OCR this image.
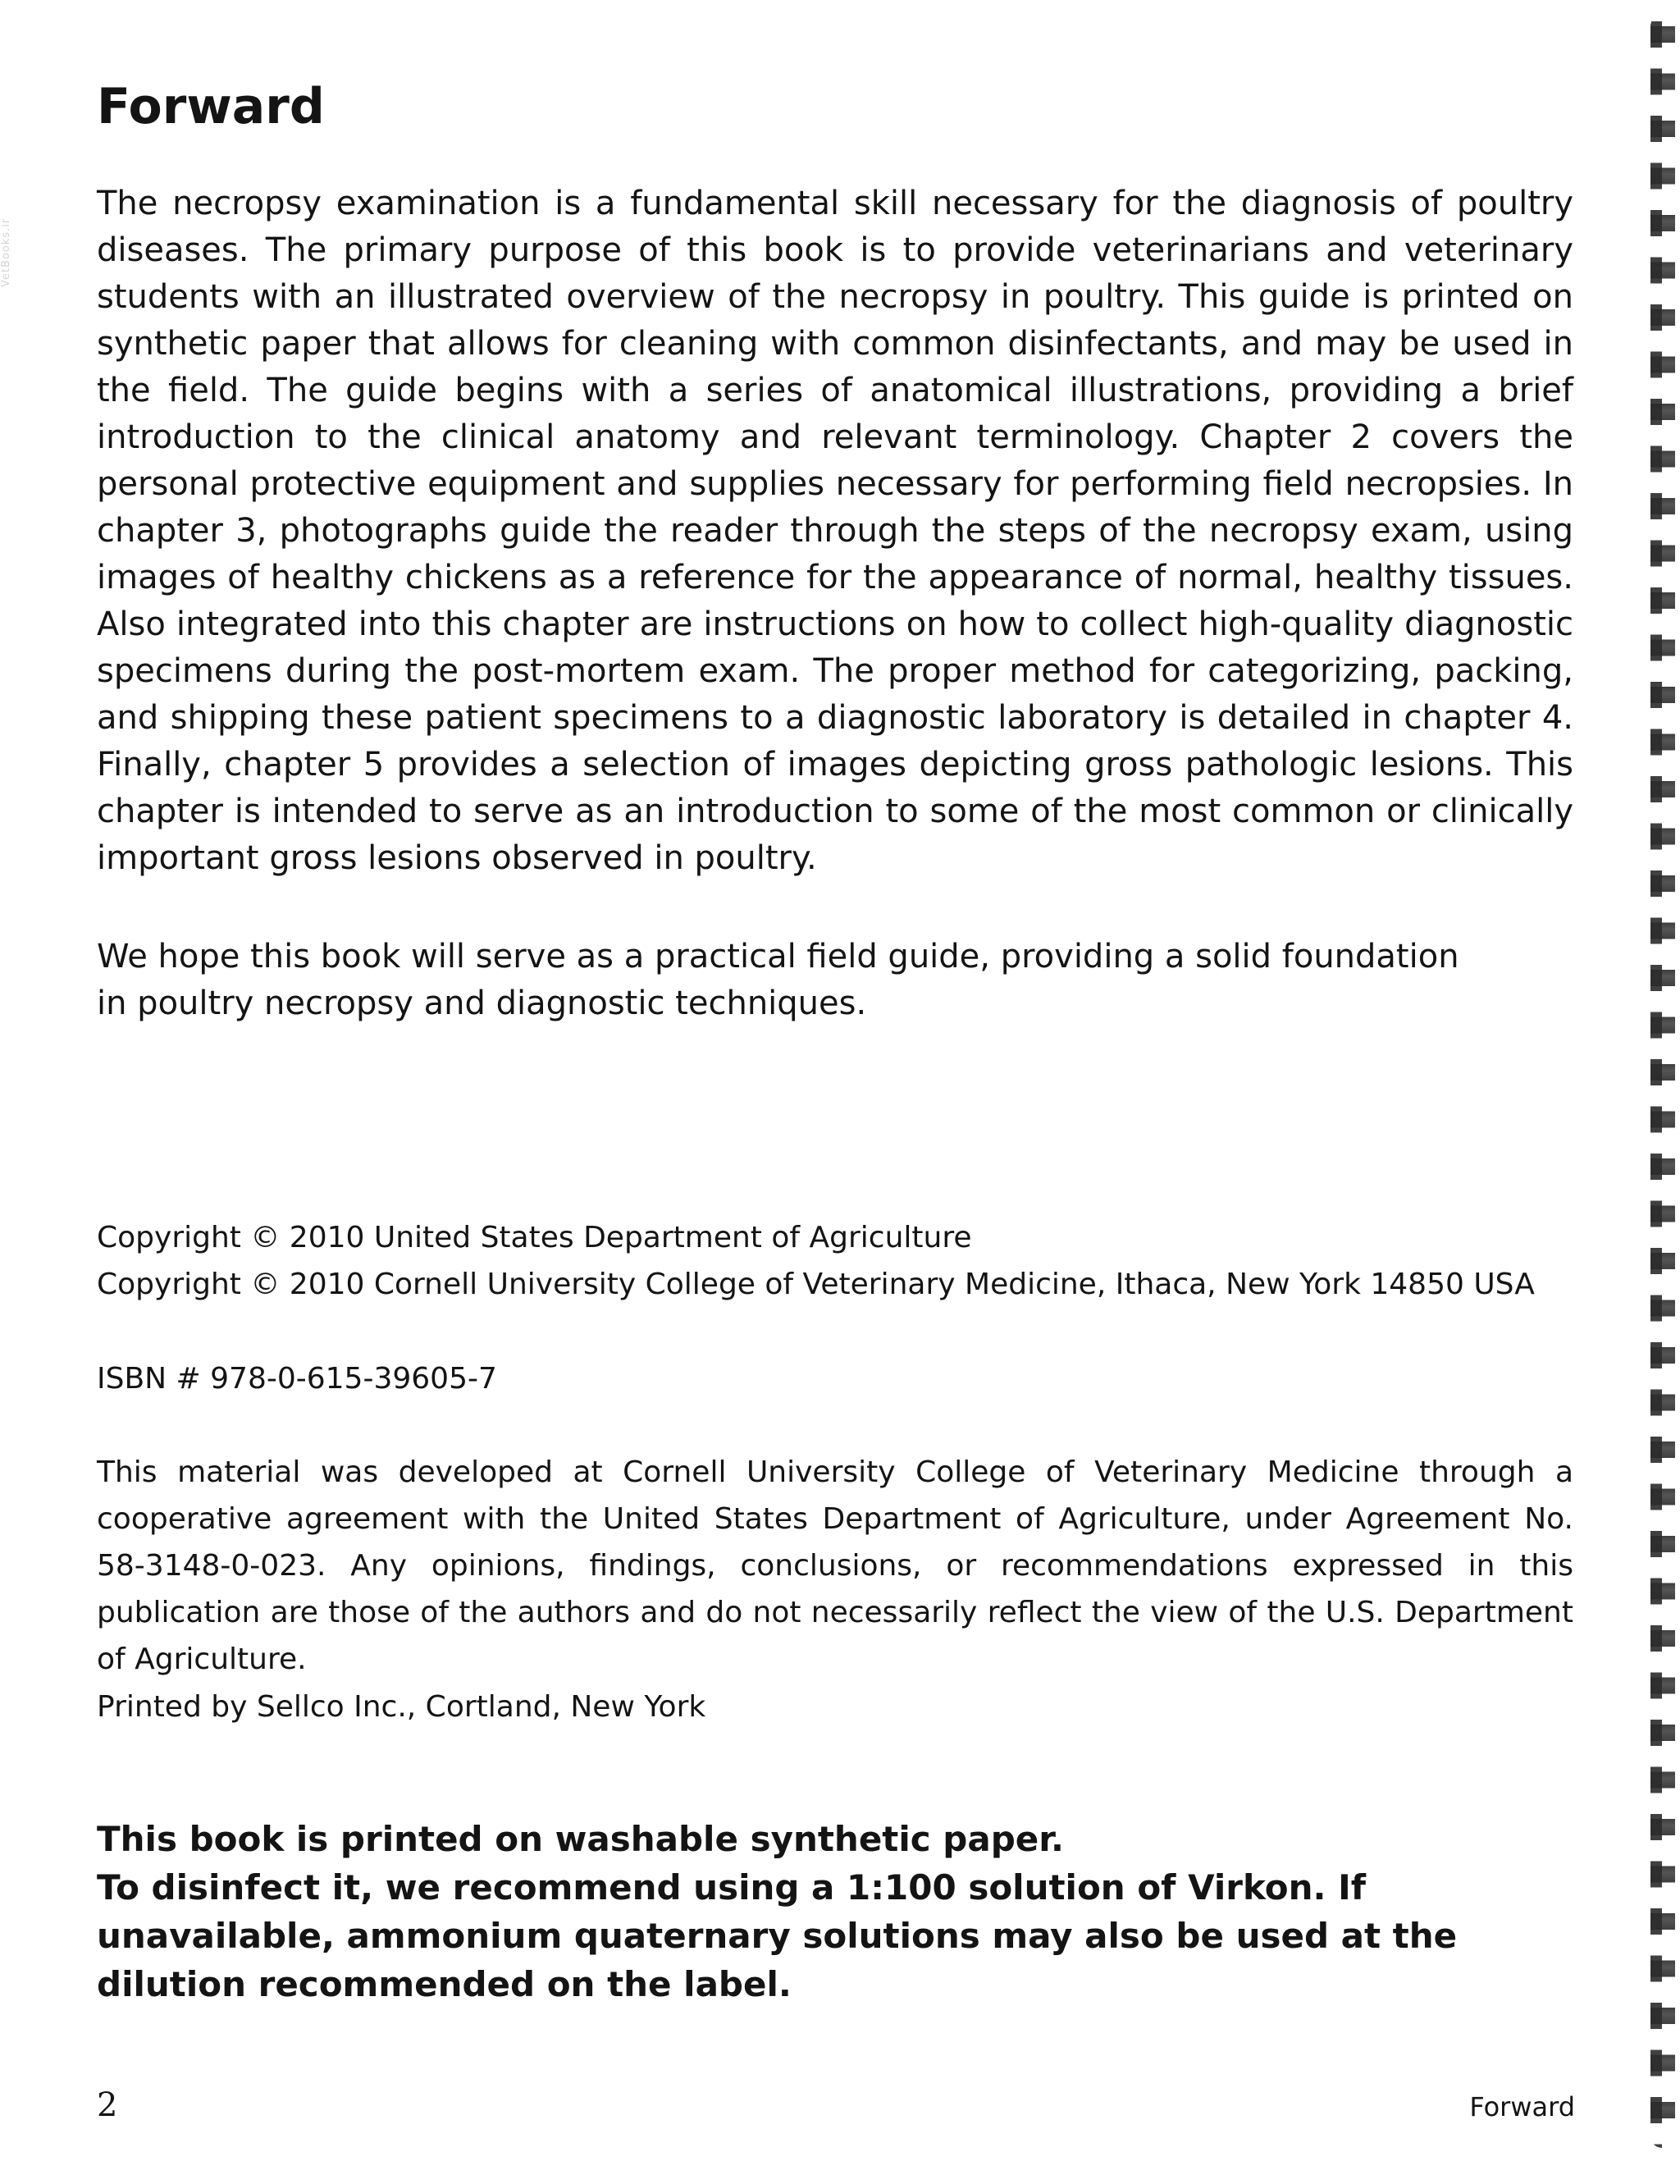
VetBooks.ir
Forward

The necropsy examination is a fundamental skill necessary for the diagnosis of poultry diseases. The primary purpose of this book is to provide veterinarians and veterinary students with an illustrated overview of the necropsy in poultry. This guide is printed on synthetic paper that allows for cleaning with common disinfectants, and may be used in the field. The guide begins with a series of anatomical illustrations, providing a brief introduction to the clinical anatomy and relevant terminology. Chapter 2 covers the personal protective equipment and supplies necessary for performing field necropsies. In chapter 3, photographs guide the reader through the steps of the necropsy exam, using images of healthy chickens as a reference for the appearance of normal, healthy tissues. Also integrated into this chapter are instructions on how to collect high-quality diagnostic specimens during the post-mortem exam. The proper method for categorizing, packing, and shipping these patient specimens to a diagnostic laboratory is detailed in chapter 4. Finally, chapter 5 provides a selection of images depicting gross pathologic lesions. This chapter is intended to serve as an introduction to some of the most common or clinically important gross lesions observed in poultry.

We hope this book will serve as a practical field guide, providing a solid foundation in poultry necropsy and diagnostic techniques.

Copyright © 2010 United States Department of Agriculture

Copyright © 2010 Cornell University College of Veterinary Medicine, Ithaca, New York 14850 USA

ISBN # 978-0-615-39605-7

This material was developed at Cornell University College of Veterinary Medicine through a cooperative agreement with the United States Department of Agriculture, under Agreement No. 58-3148-0-023. Any opinions, findings, conclusions, or recommendations expressed in this publication are those of the authors and do not necessarily reflect the view of the U.S. Department of Agriculture.

Printed by Sellco Inc., Cortland, New York

This book is printed on washable synthetic paper.
To disinfect it, we recommend using a 1:100 solution of Virkon. If unavailable, ammonium quaternary solutions may also be used at the dilution recommended on the label.

2	Forward
